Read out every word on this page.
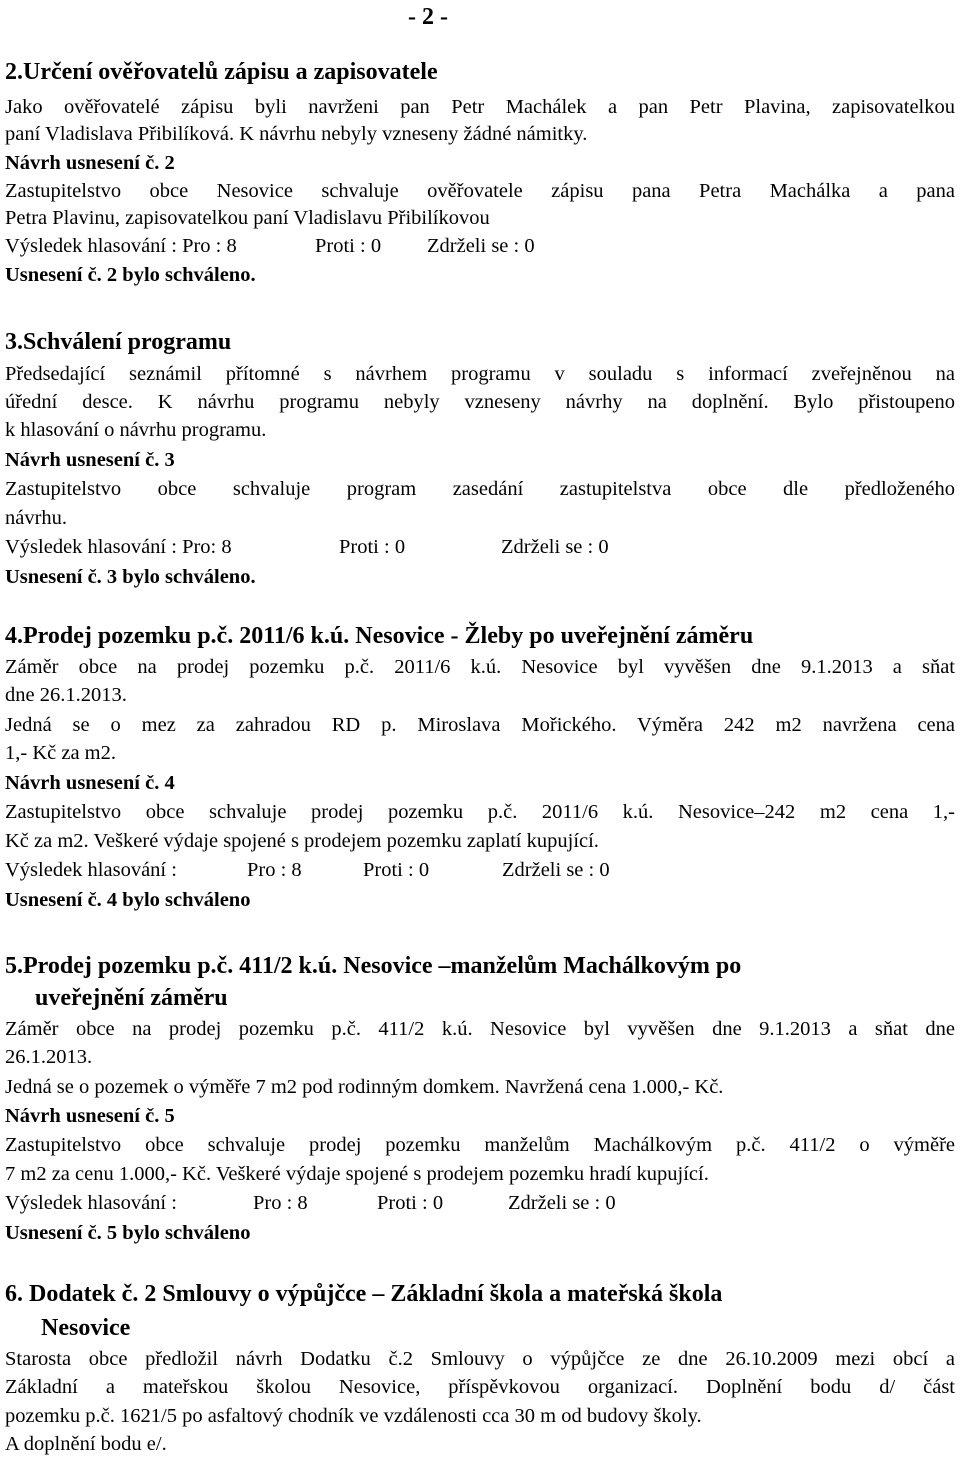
- 2 -
2.Určení ověřovatelů zápisu a zapisovatele
Jako ověřovatelé zápisu byli navrženi pan Petr Machálek a pan Petr Plavina, zapisovatelkou
paní Vladislava Přibilíková. K návrhu nebyly vzneseny žádné námitky.
Návrh usnesení č. 2
Zastupitelstvo obce Nesovice schvaluje ověřovatele zápisu pana Petra Machálka a pana
Petra Plavinu, zapisovatelkou paní Vladislavu Přibilíkovou
Výsledek hlasování : Pro : 8	Proti : 0 Zdrželi se : 0
Usnesení č. 2 bylo schváleno.
3.Schválení programu
Předsedající seznámil přítomné s návrhem programu v souladu s informací zveřejněnou na
úřední desce. K návrhu programu nebyly vzneseny návrhy na doplnění. Bylo přistoupeno
k hlasování o návrhu programu.
Návrh usnesení č. 3
Zastupitelstvo obce schvaluje program zasedání zastupitelstva obce dle předloženého
návrhu.
Výsledek hlasování : Pro: 8	Proti : 0	Zdrželi se : 0
Usnesení č. 3 bylo schváleno.
4.Prodej pozemku p.č. 2011/6 k.ú. Nesovice - Žleby po uveřejnění záměru
Záměr obce na prodej pozemku p.č. 2011/6 k.ú. Nesovice byl vyvěšen dne 9.1.2013 a sňat
dne 26.1.2013.
Jedná se o mez za zahradou RD p. Miroslava Mořického. Výměra 242 m2 navržena cena
1,- Kč za m2.
Návrh usnesení č. 4
Zastupitelstvo obce schvaluje prodej pozemku p.č. 2011/6 k.ú. Nesovice–242 m2 cena 1,-
Kč za m2. Veškeré výdaje spojené s prodejem pozemku zaplatí kupující.
Výsledek hlasování :	Pro : 8	Proti : 0	Zdrželi se : 0
Usnesení č. 4 bylo schváleno
5.Prodej pozemku p.č. 411/2 k.ú. Nesovice –manželům Machálkovým po
uveřejnění záměru
Záměr obce na prodej pozemku p.č. 411/2 k.ú. Nesovice byl vyvěšen dne 9.1.2013 a sňat dne
26.1.2013.
Jedná se o pozemek o výměře 7 m2 pod rodinným domkem. Navržená cena 1.000,- Kč.
Návrh usnesení č. 5
Zastupitelstvo obce schvaluje prodej pozemku manželům Machálkovým p.č. 411/2 o výměře
7 m2 za cenu 1.000,- Kč. Veškeré výdaje spojené s prodejem pozemku hradí kupující.
Výsledek hlasování :	Pro : 8	Proti : 0	Zdrželi se : 0
Usnesení č. 5 bylo schváleno
6. Dodatek č. 2 Smlouvy o výpůjčce – Základní škola a mateřská škola
Nesovice
Starosta obce předložil návrh Dodatku č.2 Smlouvy o výpůjčce ze dne 26.10.2009 mezi obcí a
Základní a mateřskou školou Nesovice, příspěvkovou organizací. Doplnění bodu d/ část
pozemku p.č. 1621/5 po asfaltový chodník ve vzdálenosti cca 30 m od budovy školy.
A doplnění bodu e/.
